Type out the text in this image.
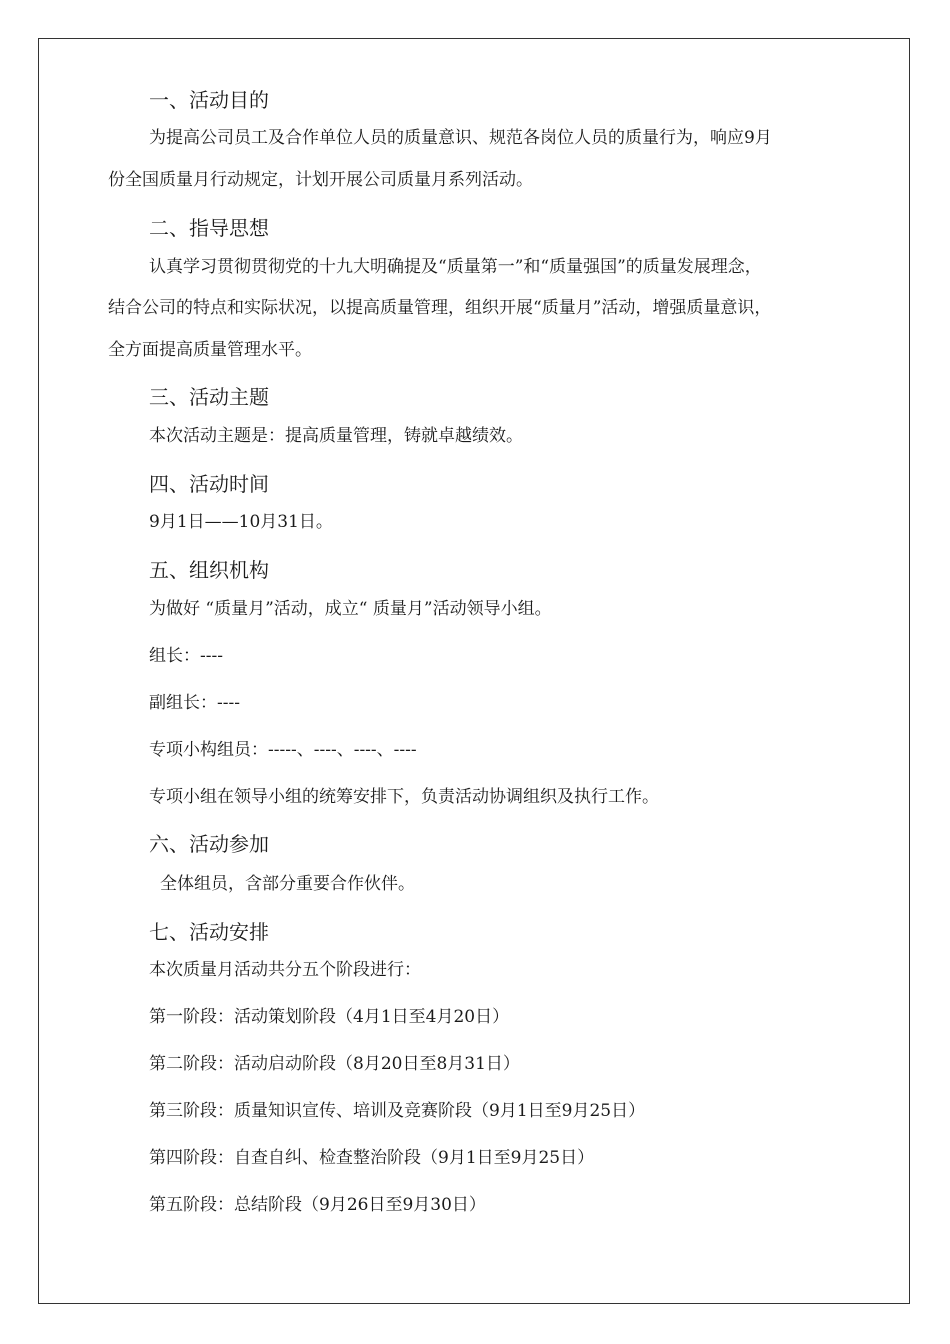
一、活动目的
为提高公司员工及合作单位人员的质量意识、规范各岗位人员的质量行为，响应9月
份全国质量月行动规定，计划开展公司质量月系列活动。
二、指导思想
认真学习贯彻贯彻党的十九大明确提及“质量第一”和“质量强国”的质量发展理念，
结合公司的特点和实际状况，以提高质量管理，组织开展“质量月”活动，增强质量意识，
全方面提高质量管理水平。
三、活动主题
本次活动主题是：提高质量管理，铸就卓越绩效。
四、活动时间
9月1日——10月31日。
五、组织机构
为做好 “质量月”活动，成立“ 质量月”活动领导小组。
组长：----
副组长：----
专项小构组员：-----、----、----、----
专项小组在领导小组的统筹安排下，负责活动协调组织及执行工作。
六、活动参加
全体组员，含部分重要合作伙伴。
七、活动安排
本次质量月活动共分五个阶段进行：
第一阶段：活动策划阶段（4月1日至4月20日）
第二阶段：活动启动阶段（8月20日至8月31日）
第三阶段：质量知识宣传、培训及竞赛阶段（9月1日至9月25日）
第四阶段：自查自纠、检查整治阶段（9月1日至9月25日）
第五阶段：总结阶段（9月26日至9月30日）
